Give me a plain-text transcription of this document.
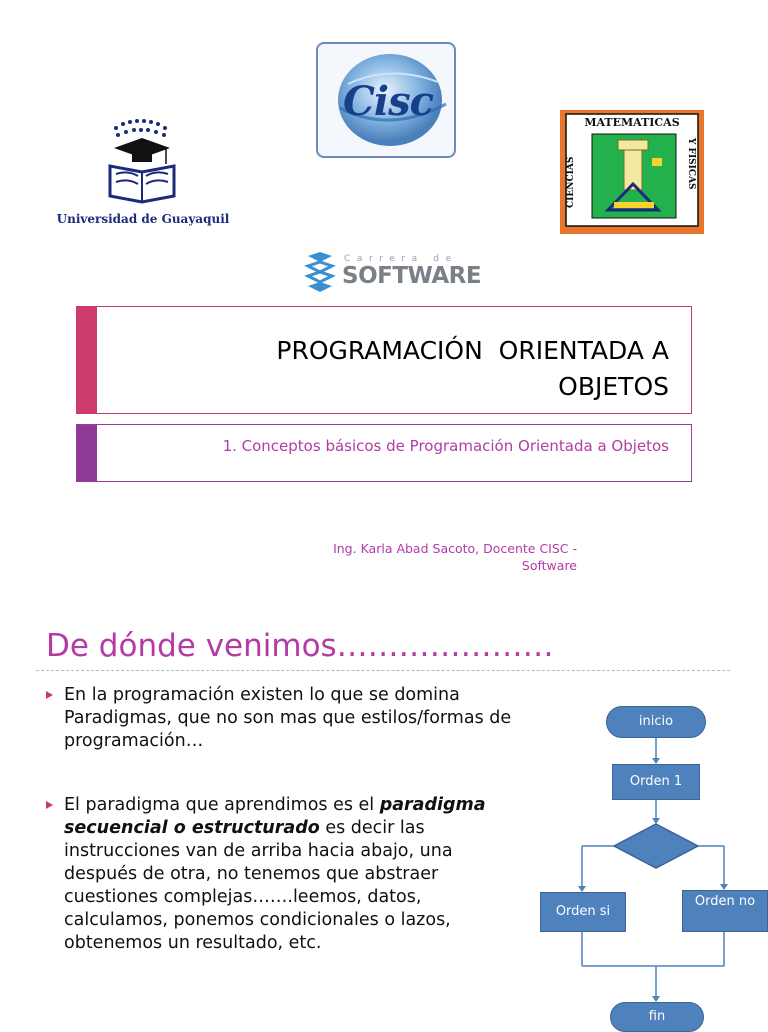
Universidad de Guayaquil
Cisc	MATEMATICAS
CIENCIAS	Y FISICAS
Carrera de
SOFTWARE
PROGRAMACIÓN  ORIENTADA A
OBJETOS
1. Conceptos básicos de Programación Orientada a Objetos
Ing. Karla Abad Sacoto, Docente CISC -
Software
De dónde venimos…………………
En la programación existen lo que se domina Paradigmas, que no son mas que estilos/formas de programación…
El paradigma que aprendimos es el paradigma secuencial o estructurado es decir las instrucciones van de arriba hacia abajo, una después de otra, no tenemos que abstraer cuestiones complejas…….leemos, datos, calculamos, ponemos condicionales o lazos, obtenemos un resultado, etc.
inicio
Orden 1
Orden si
Orden no
fin
